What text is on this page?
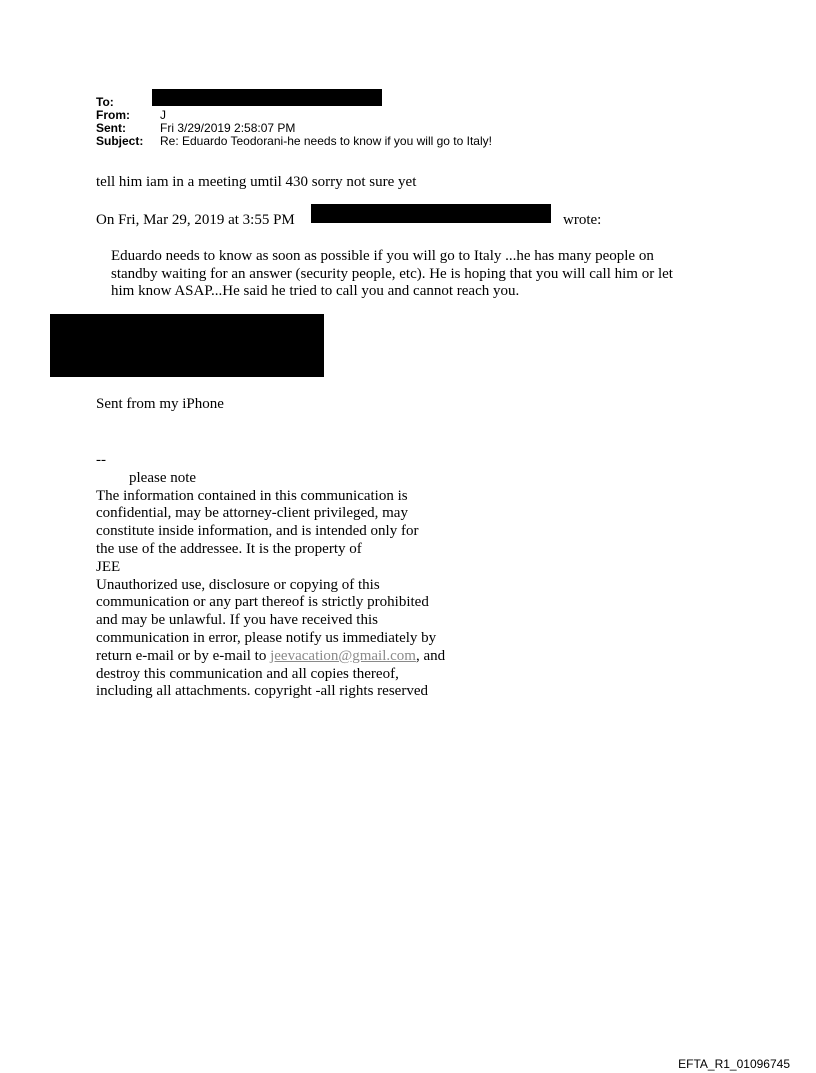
To:
From:	J
Sent:	Fri 3/29/2019 2:58:07 PM
Subject: Re: Eduardo Teodorani-he needs to know if you will go to Italy!
tell him iam in a meeting umtil 430 sorry not sure yet
On Fri, Mar 29, 2019 at 3:55 PM	wrote:
Eduardo needs to know as soon as possible if you will go to Italy ...he has many people on
standby waiting for an answer (security people, etc). He is hoping that you will call him or let
him know ASAP...He said he tried to call you and cannot reach you.
Sent from my iPhone
--
please note
The information contained in this communication is
confidential, may be attorney-client privileged, may
constitute inside information, and is intended only for
the use of the addressee. It is the property of
JEE
Unauthorized use, disclosure or copying of this
communication or any part thereof is strictly prohibited
and may be unlawful. If you have received this
communication in error, please notify us immediately by
return e-mail or by e-mail to jeevacation@gmail.com, and
destroy this communication and all copies thereof,
including all attachments. copyright -all rights reserved
EFTA_R1_01096745
